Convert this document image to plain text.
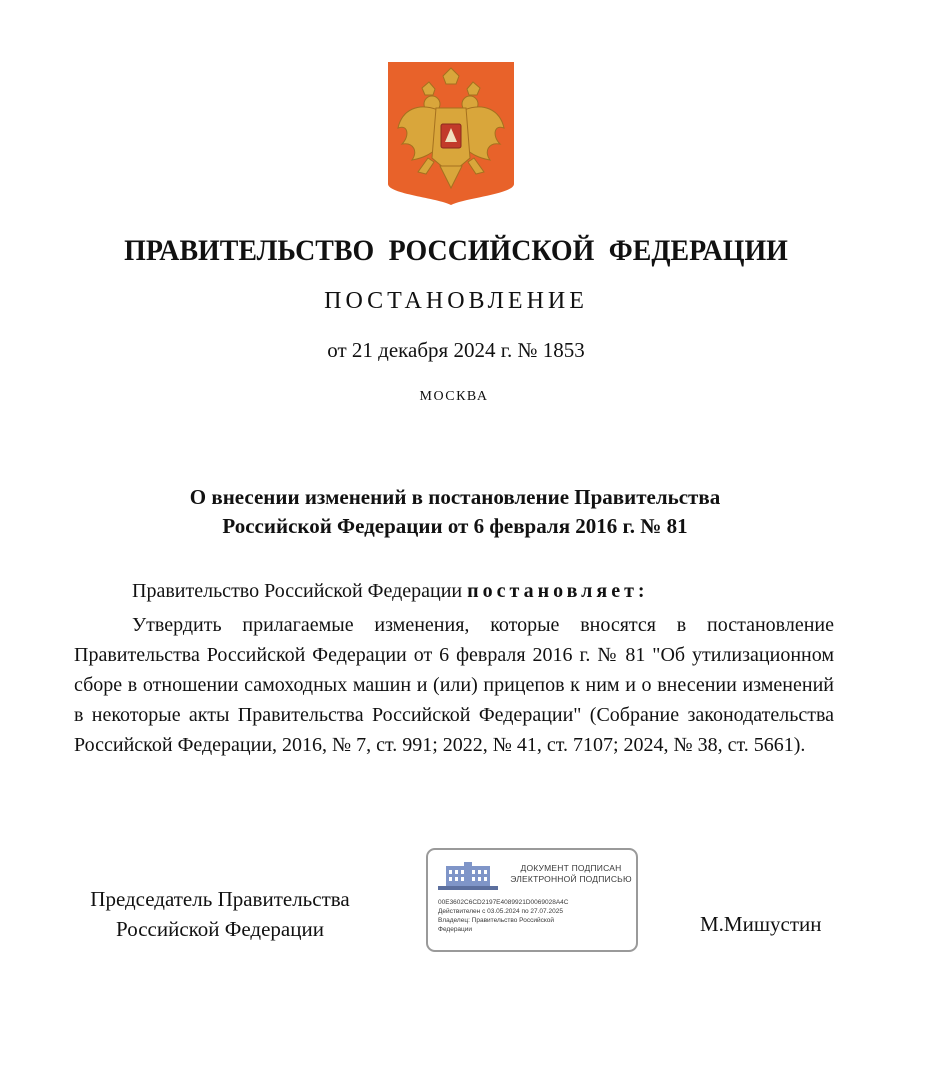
ПРАВИТЕЛЬСТВО РОССИЙСКОЙ ФЕДЕРАЦИИ
ПОСТАНОВЛЕНИЕ
от 21 декабря 2024 г. № 1853
МОСКВА
О внесении изменений в постановление Правительства
Российской Федерации от 6 февраля 2016 г. № 81
Правительство Российской Федерации постановляет:
Утвердить прилагаемые изменения, которые вносятся в постановление Правительства Российской Федерации от 6 февраля 2016 г. № 81 "Об утилизационном сборе в отношении самоходных машин и (или) прицепов к ним и о внесении изменений в некоторые акты Правительства Российской Федерации" (Собрание законодательства Российской Федерации, 2016, № 7, ст. 991; 2022, № 41, ст. 7107; 2024, № 38, ст. 5661).
Председатель Правительства
Российской Федерации
ДОКУМЕНТ ПОДПИСАН
ЭЛЕКТРОННОЙ ПОДПИСЬЮ
00E3602C6CD2197E4089921D0069028A4C
Действителен с 03.05.2024 по 27.07.2025
Владелец: Правительство Российской
Федерации	М.Мишустин
